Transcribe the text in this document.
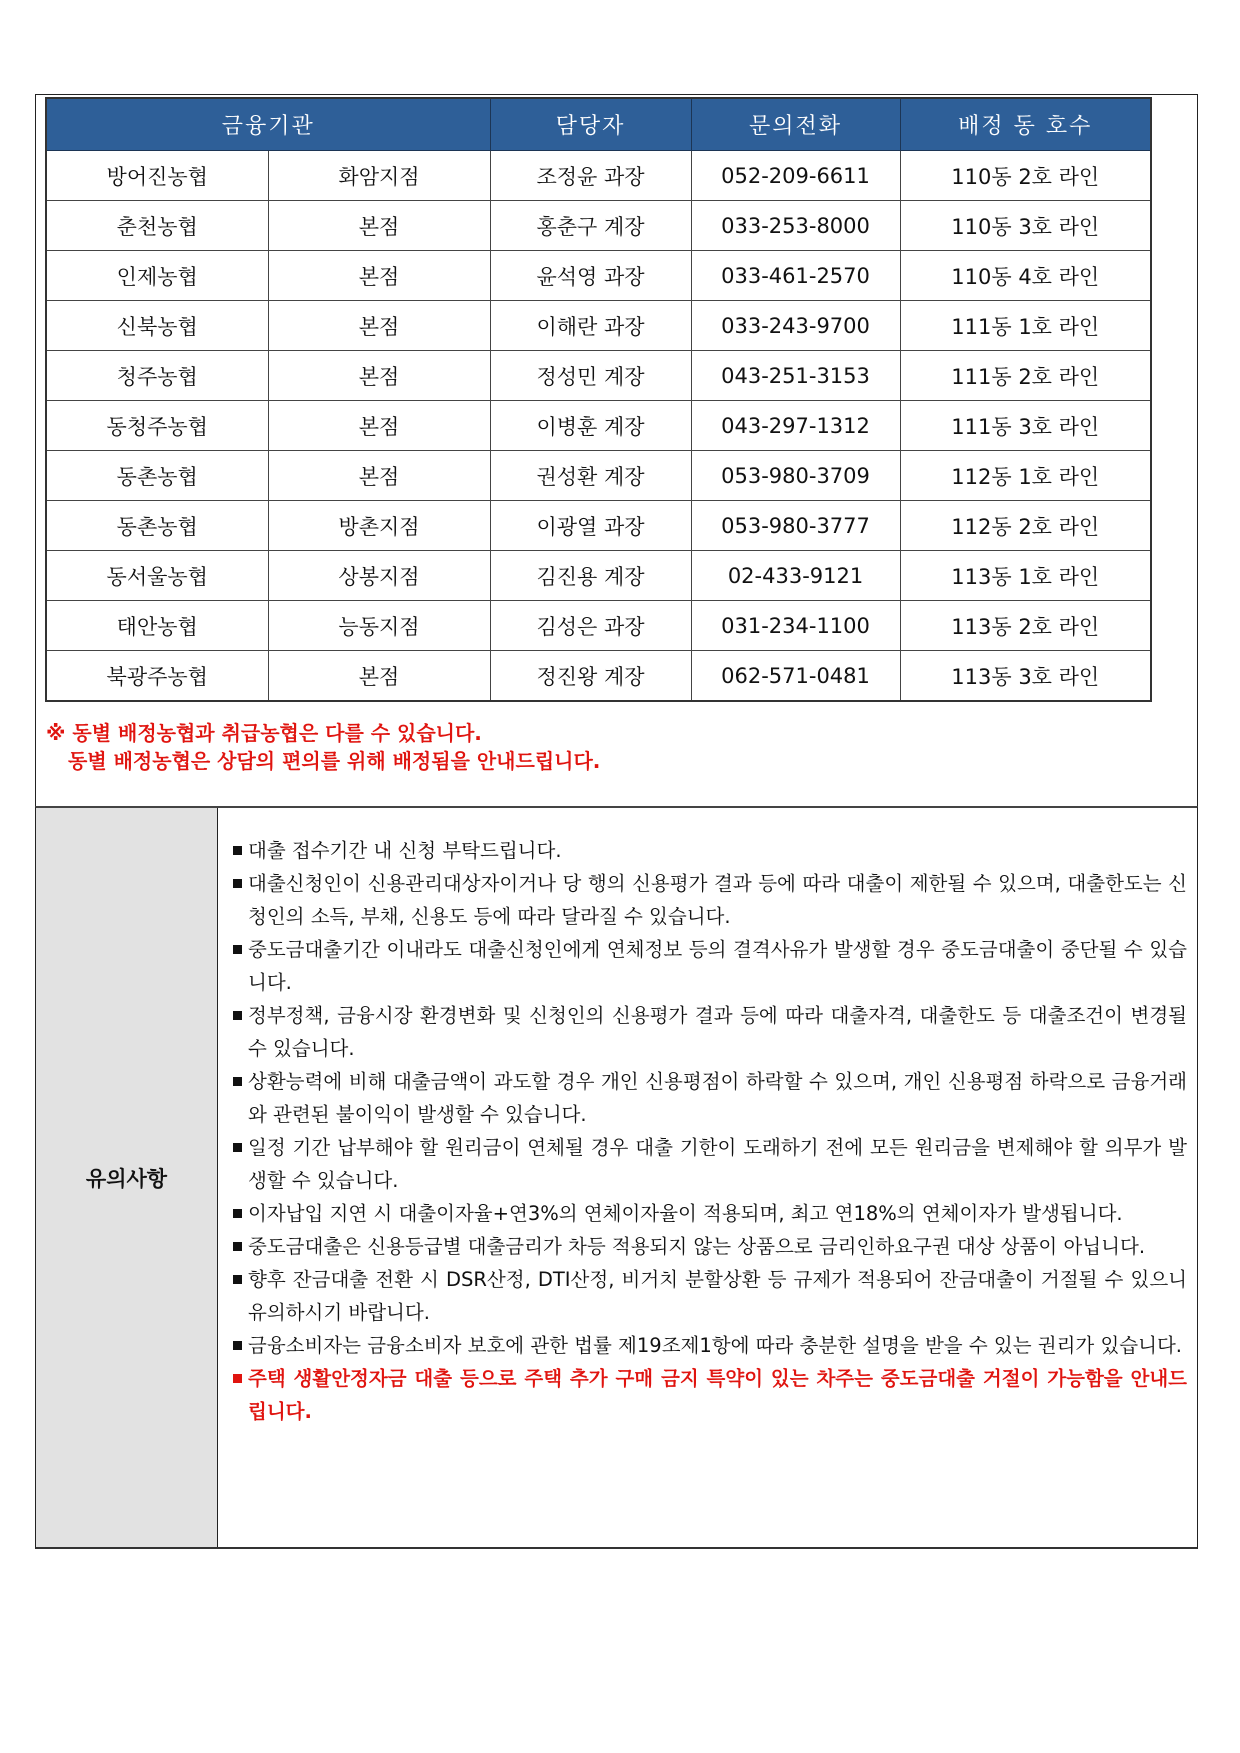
금융기관		담당자	문의전화	배정 동 호수
방어진농협	화암지점	조정윤 과장	052-209-6611	110동 2호 라인
춘천농협	본점	홍춘구 계장	033-253-8000	110동 3호 라인
인제농협	본점	윤석영 과장	033-461-2570	110동 4호 라인
신북농협	본점	이해란 과장	033-243-9700	111동 1호 라인
청주농협	본점	정성민 계장	043-251-3153	111동 2호 라인
동청주농협	본점	이병훈 계장	043-297-1312	111동 3호 라인
동촌농협	본점	권성환 계장	053-980-3709	112동 1호 라인
동촌농협	방촌지점	이광열 과장	053-980-3777	112동 2호 라인
동서울농협	상봉지점	김진용 계장	02-433-9121	113동 1호 라인
태안농협	능동지점	김성은 과장	031-234-1100	113동 2호 라인
북광주농협	본점	정진왕 계장	062-571-0481	113동 3호 라인
※ 동별 배정농협과 취급농협은 다를 수 있습니다.
동별 배정농협은 상담의 편의를 위해 배정됨을 안내드립니다.
유의사항
대출 접수기간 내 신청 부탁드립니다.
대출신청인이 신용관리대상자이거나 당 행의 신용평가 결과 등에 따라 대출이 제한될 수 있으며, 대출한도는 신청인의 소득, 부채, 신용도 등에 따라 달라질 수 있습니다.
중도금대출기간 이내라도 대출신청인에게 연체정보 등의 결격사유가 발생할 경우 중도금대출이 중단될 수 있습니다.
정부정책, 금융시장 환경변화 및 신청인의 신용평가 결과 등에 따라 대출자격, 대출한도 등 대출조건이 변경될 수 있습니다.
상환능력에 비해 대출금액이 과도할 경우 개인 신용평점이 하락할 수 있으며, 개인 신용평점 하락으로 금융거래와 관련된 불이익이 발생할 수 있습니다.
일정 기간 납부해야 할 원리금이 연체될 경우 대출 기한이 도래하기 전에 모든 원리금을 변제해야 할 의무가 발생할 수 있습니다.
이자납입 지연 시 대출이자율+연3%의 연체이자율이 적용되며, 최고 연18%의 연체이자가 발생됩니다.
중도금대출은 신용등급별 대출금리가 차등 적용되지 않는 상품으로 금리인하요구권 대상 상품이 아닙니다.
향후 잔금대출 전환 시 DSR산정, DTI산정, 비거치 분할상환 등 규제가 적용되어 잔금대출이 거절될 수 있으니 유의하시기 바랍니다.
금융소비자는 금융소비자 보호에 관한 법률 제19조제1항에 따라 충분한 설명을 받을 수 있는 권리가 있습니다.
주택 생활안정자금 대출 등으로 주택 추가 구매 금지 특약이 있는 차주는 중도금대출 거절이 가능함을 안내드립니다.
